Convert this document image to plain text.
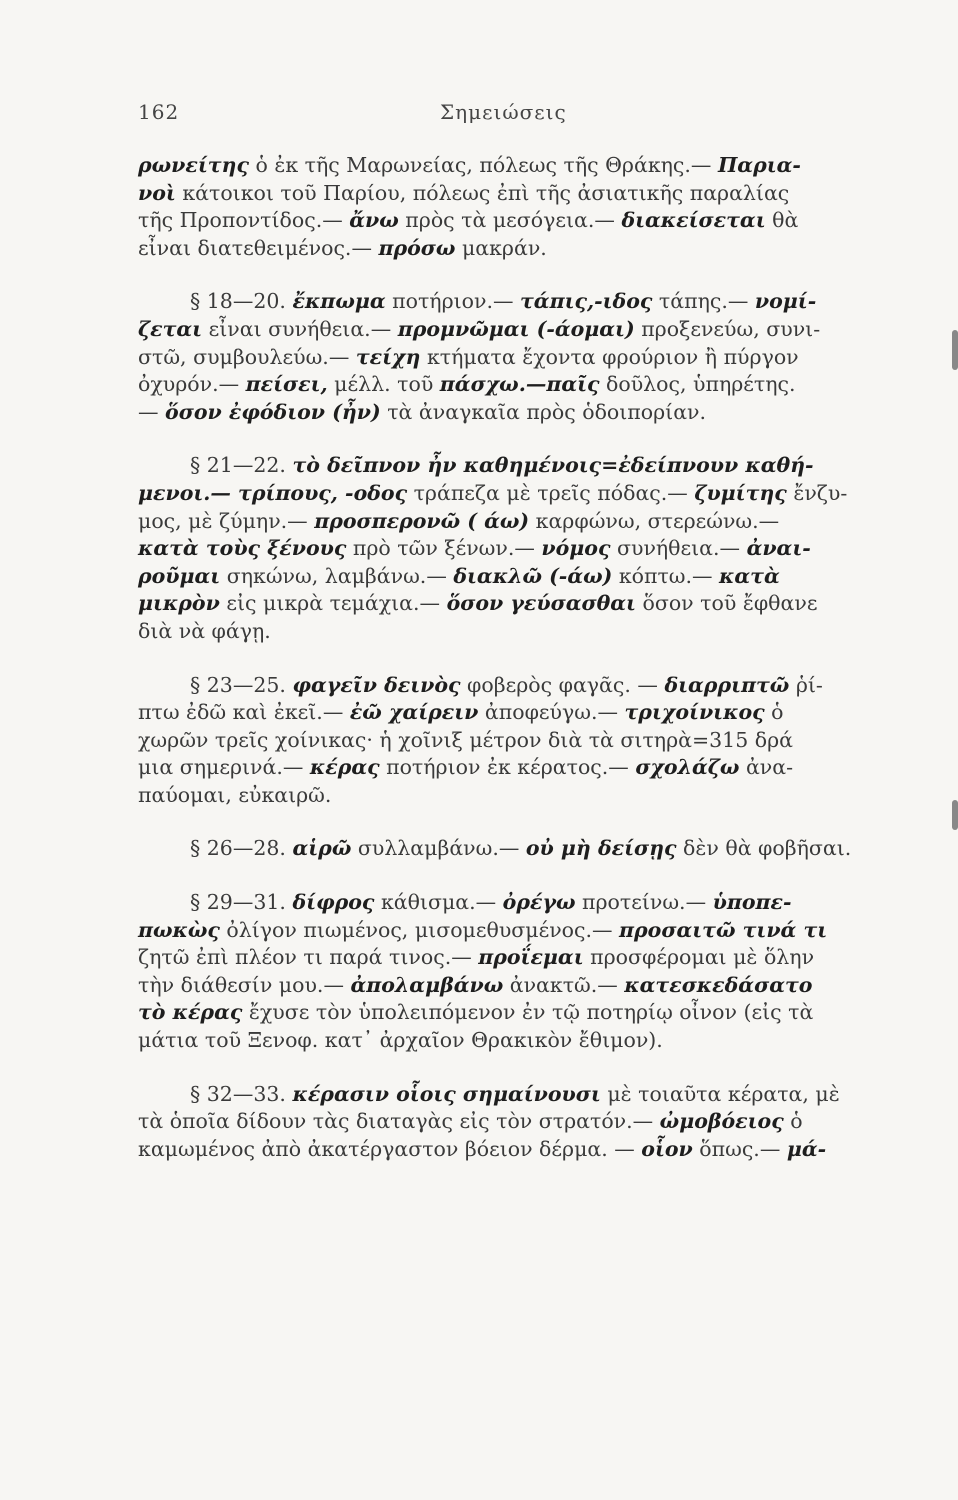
162	Σημειώσεις

ρωνείτης ὁ ἐκ τῆς Μαρωνείας, πόλεως τῆς Θράκης.— Παρια-
νοὶ κάτοικοι τοῦ Παρίου, πόλεως ἐπὶ τῆς ἀσιατικῆς παραλίας
τῆς Προποντίδος.— ἄνω πρὸς τὰ μεσόγεια.— διακείσεται θὰ
εἶναι διατεθειμένος.— πρόσω μακράν.

§ 18—20. ἔκπωμα ποτήριον.— τάπις,-ιδος τάπης.— νομί-
ζεται εἶναι συνήθεια.— προμνῶμαι (-άομαι) προξενεύω, συνι-
στῶ, συμβουλεύω.— τείχη κτήματα ἔχοντα φρούριον ἢ πύργον
ὀχυρόν.— πείσει, μέλλ. τοῦ πάσχω.—παῖς δοῦλος, ὑπηρέτης.
— ὅσον ἐφόδιον (ἦν) τὰ ἀναγκαῖα πρὸς ὁδοιπορίαν.

§ 21—22. τὸ δεῖπνον ἦν καθημένοις=ἐδείπνουν καθή-
μενοι.— τρίπους, -οδος τράπεζα μὲ τρεῖς πόδας.— ζυμίτης ἔνζυ-
μος, μὲ ζύμην.— προσπερονῶ ( άω) καρφώνω, στερεώνω.—
κατὰ τοὺς ξένους πρὸ τῶν ξένων.— νόμος συνήθεια.— ἀναι-
ροῦμαι σηκώνω, λαμβάνω.— διακλῶ (-άω) κόπτω.— κατὰ
μικρὸν εἰς μικρὰ τεμάχια.— ὅσον γεύσασθαι ὅσον τοῦ ἔφθανε
διὰ νὰ φάγῃ.

§ 23—25. φαγεῖν δεινὸς φοβερὸς φαγᾶς. — διαρριπτῶ ῥί-
πτω ἐδῶ καὶ ἐκεῖ.— ἐῶ χαίρειν ἀποφεύγω.— τριχοίνικος ὁ
χωρῶν τρεῖς χοίνικας· ἡ χοῖνιξ μέτρον διὰ τὰ σιτηρὰ=315 δρά
μια σημερινά.— κέρας ποτήριον ἐκ κέρατος.— σχολάζω ἀνα-
παύομαι, εὐκαιρῶ.

§ 26—28. αἱρῶ συλλαμβάνω.— οὐ μὴ δείσῃς δὲν θὰ φοβῆσαι.

§ 29—31. δίφρος κάθισμα.— ὀρέγω προτείνω.— ὑποπε-
πωκὼς ὀλίγον πιωμένος, μισομεθυσμένος.— προσαιτῶ τινά τι
ζητῶ ἐπὶ πλέον τι παρά τινος.— προΐεμαι προσφέρομαι μὲ ὅλην
τὴν διάθεσίν μου.— ἀπολαμβάνω ἀνακτῶ.— κατεσκεδάσατο
τὸ κέρας ἔχυσε τὸν ὑπολειπόμενον ἐν τῷ ποτηρίῳ οἶνον (εἰς τὰ
μάτια τοῦ Ξενοφ. κατ᾽ ἀρχαῖον Θρακικὸν ἔθιμον).

§ 32—33. κέρασιν οἷοις σημαίνουσι μὲ τοιαῦτα κέρατα, μὲ
τὰ ὁποῖα δίδουν τὰς διαταγὰς εἰς τὸν στρατόν.— ὠμοβόειος ὁ
καμωμένος ἀπὸ ἀκατέργαστον βόειον δέρμα. — οἷον ὅπως.— μά-
